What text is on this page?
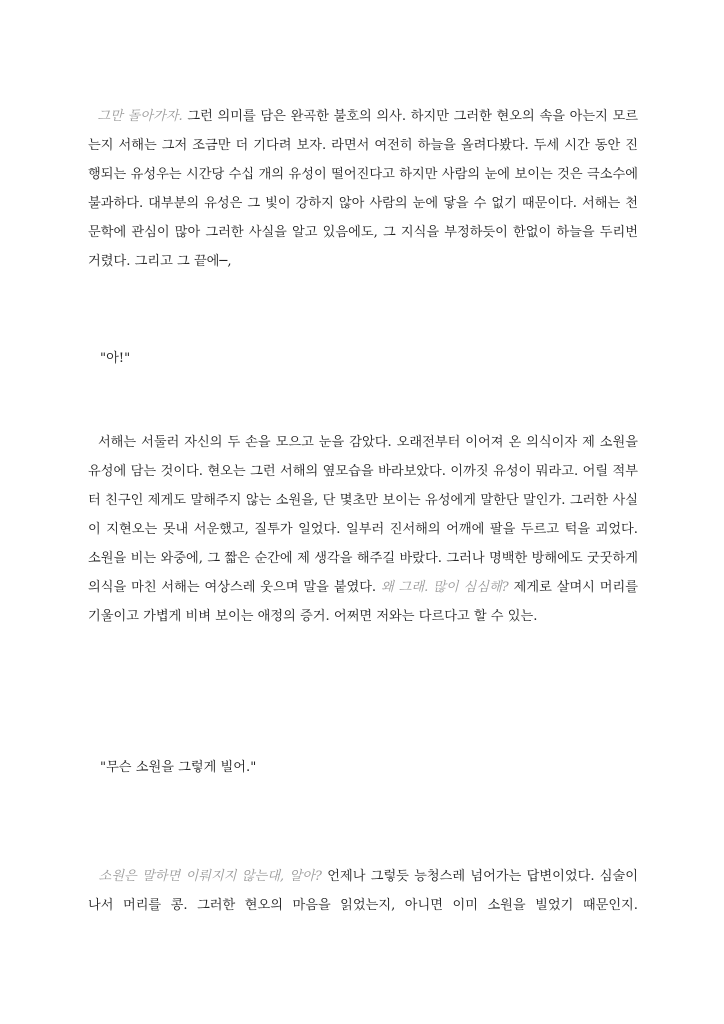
그만 돌아가자. 그런 의미를 담은 완곡한 불호의 의사. 하지만 그러한 현오의 속을 아는지 모르는지 서해는 그저 조금만 더 기다려 보자. 라면서 여전히 하늘을 올려다봤다. 두세 시간 동안 진행되는 유성우는 시간당 수십 개의 유성이 떨어진다고 하지만 사람의 눈에 보이는 것은 극소수에 불과하다. 대부분의 유성은 그 빛이 강하지 않아 사람의 눈에 닿을 수 없기 때문이다. 서해는 천문학에 관심이 많아 그러한 사실을 알고 있음에도, 그 지식을 부정하듯이 한없이 하늘을 두리번거렸다. 그리고 그 끝에─,

"아!"

서해는 서둘러 자신의 두 손을 모으고 눈을 감았다. 오래전부터 이어져 온 의식이자 제 소원을 유성에 담는 것이다. 현오는 그런 서해의 옆모습을 바라보았다. 이까짓 유성이 뭐라고. 어릴 적부터 친구인 제게도 말해주지 않는 소원을, 단 몇초만 보이는 유성에게 말한단 말인가. 그러한 사실이 지현오는 못내 서운했고, 질투가 일었다. 일부러 진서해의 어깨에 팔을 두르고 턱을 괴었다. 소원을 비는 와중에, 그 짧은 순간에 제 생각을 해주길 바랐다. 그러나 명백한 방해에도 굿꿋하게 의식을 마친 서해는 여상스레 웃으며 말을 붙였다. 왜 그래. 많이 심심해? 제게로 살며시 머리를 기울이고 가볍게 비벼 보이는 애정의 증거. 어쩌면 저와는 다르다고 할 수 있는.

"무슨 소원을 그렇게 빌어."

소원은 말하면 이뤄지지 않는대, 알아? 언제나 그렇듯 능청스레 넘어가는 답변이었다. 심술이 나서 머리를 콩. 그러한 현오의 마음을 읽었는지, 아니면 이미 소원을 빌었기 때문인지.
